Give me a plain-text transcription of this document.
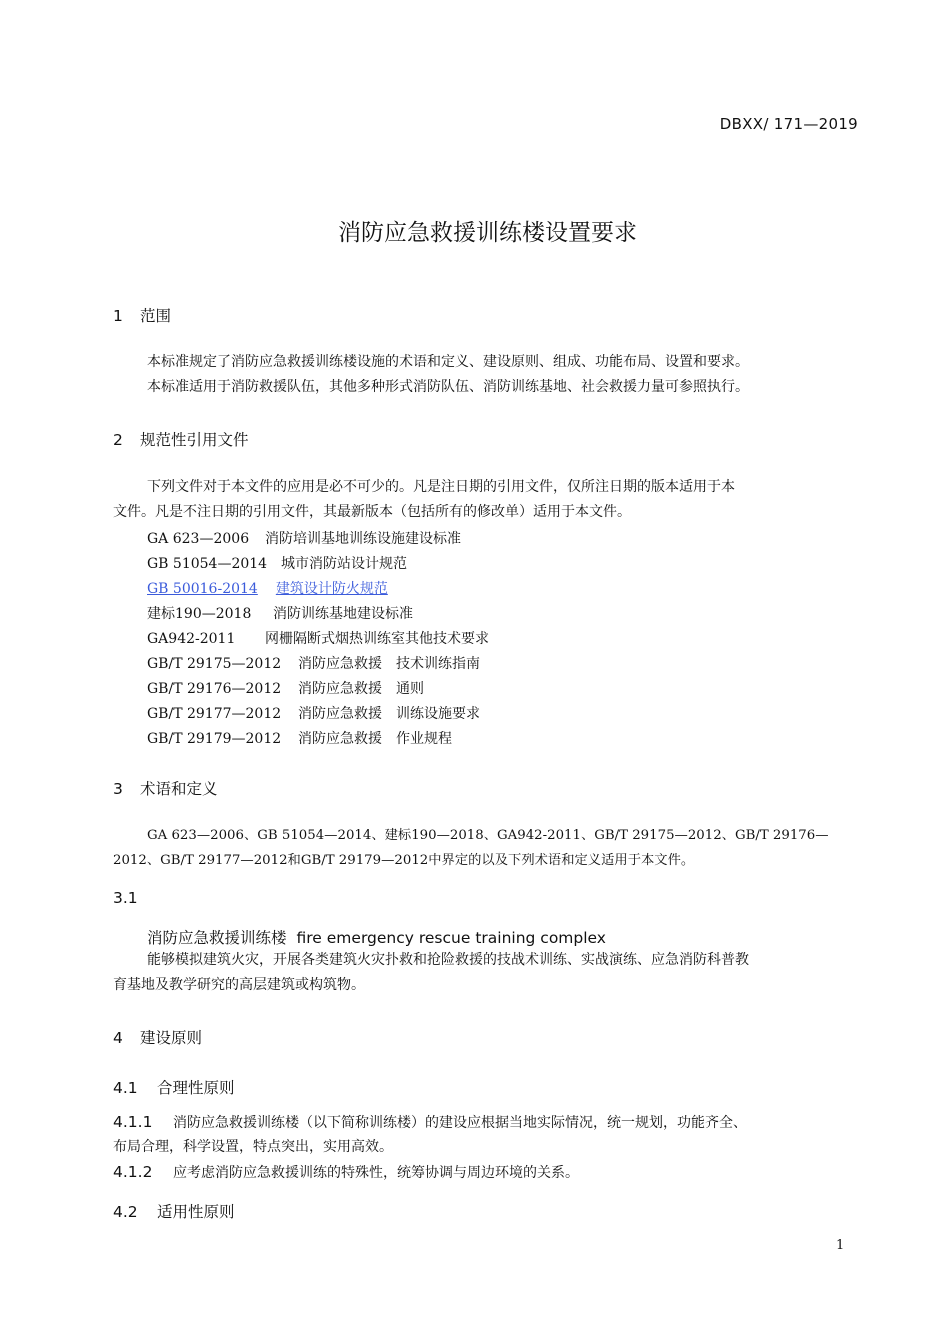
DBXX/ 171—2019
消防应急救援训练楼设置要求
1 范围
本标准规定了消防应急救援训练楼设施的术语和定义、建设原则、组成、功能布局、设置和要求。
本标准适用于消防救援队伍，其他多种形式消防队伍、消防训练基地、社会救援力量可参照执行。
2 规范性引用文件
下列文件对于本文件的应用是必不可少的。凡是注日期的引用文件，仅所注日期的版本适用于本
文件。凡是不注日期的引用文件，其最新版本（包括所有的修改单）适用于本文件。
GA 623—2006 消防培训基地训练设施建设标准
GB 51054—2014 城市消防站设计规范
GB 50016-2014 建筑设计防火规范
建标190—2018 消防训练基地建设标准
GA942-2011 网栅隔断式烟热训练室其他技术要求
GB/T 29175—2012 消防应急救援　技术训练指南
GB/T 29176—2012 消防应急救援　通则
GB/T 29177—2012 消防应急救援　训练设施要求
GB/T 29179—2012 消防应急救援　作业规程
3 术语和定义
GA 623—2006、GB 51054—2014、建标190—2018、GA942-2011、GB/T 29175—2012、GB/T 29176—
2012、GB/T 29177—2012和GB/T 29179—2012中界定的以及下列术语和定义适用于本文件。
3.1
消防应急救援训练楼 fire emergency rescue training complex
能够模拟建筑火灾，开展各类建筑火灾扑救和抢险救援的技战术训练、实战演练、应急消防科普教
育基地及教学研究的高层建筑或构筑物。
4 建设原则
4.1 合理性原则
4.1.1 消防应急救援训练楼（以下简称训练楼）的建设应根据当地实际情况，统一规划，功能齐全、
布局合理，科学设置，特点突出，实用高效。
4.1.2 应考虑消防应急救援训练的特殊性，统筹协调与周边环境的关系。
4.2 适用性原则
1
